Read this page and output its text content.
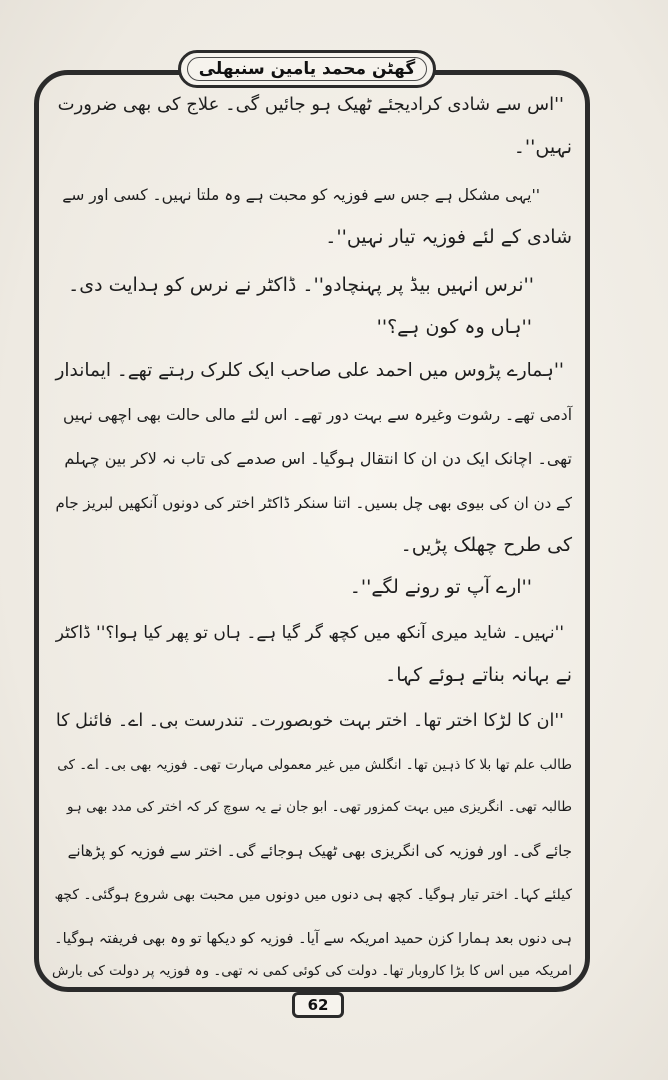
گھٹن محمد یامین سنبھلی
''اس سے شادی کرادیجئے ٹھیک ہو جائیں گی۔ علاج کی بھی ضرورت
نہیں''۔
''یہی مشکل ہے جس سے فوزیہ کو محبت ہے وہ ملتا نہیں۔ کسی اور سے
شادی کے لئے فوزیہ تیار نہیں''۔
''نرس انہیں بیڈ پر پہنچادو''۔ ڈاکٹر نے نرس کو ہدایت دی۔
''ہاں وہ کون ہے؟''
''ہمارے پڑوس میں احمد علی صاحب ایک کلرک رہتے تھے۔ ایماندار
آدمی تھے۔ رشوت وغیرہ سے بہت دور تھے۔ اس لئے مالی حالت بھی اچھی نہیں
تھی۔ اچانک ایک دن ان کا انتقال ہوگیا۔ اس صدمے کی تاب نہ لاکر بین چہلم
کے دن ان کی بیوی بھی چل بسیں۔ اتنا سنکر ڈاکٹر اختر کی دونوں آنکھیں لبریز جام
کی طرح چھلک پڑیں۔
''ارے آپ تو رونے لگے''۔
''نہیں۔ شاید میری آنکھ میں کچھ گر گیا ہے۔ ہاں تو پھر کیا ہوا؟'' ڈاکٹر
نے بہانہ بناتے ہوئے کہا۔
''ان کا لڑکا اختر تھا۔ اختر بہت خوبصورت۔ تندرست بی۔ اے۔ فائنل کا
طالب علم تھا بلا کا ذہین تھا۔ انگلش میں غیر معمولی مہارت تھی۔ فوزیہ بھی بی۔ اے۔ کی
طالبہ تھی۔ انگریزی میں بہت کمزور تھی۔ ابو جان نے یہ سوچ کر کہ اختر کی مدد بھی ہو
جائے گی۔ اور فوزیہ کی انگریزی بھی ٹھیک ہوجائے گی۔ اختر سے فوزیہ کو پڑھانے
کیلئے کہا۔ اختر تیار ہوگیا۔ کچھ ہی دنوں میں دونوں میں محبت بھی شروع ہوگئی۔ کچھ
ہی دنوں بعد ہمارا کزن حمید امریکہ سے آیا۔ فوزیہ کو دیکھا تو وہ بھی فریفتہ ہوگیا۔
امریکہ میں اس کا بڑا کاروبار تھا۔ دولت کی کوئی کمی نہ تھی۔ وہ فوزیہ پر دولت کی بارش
62
